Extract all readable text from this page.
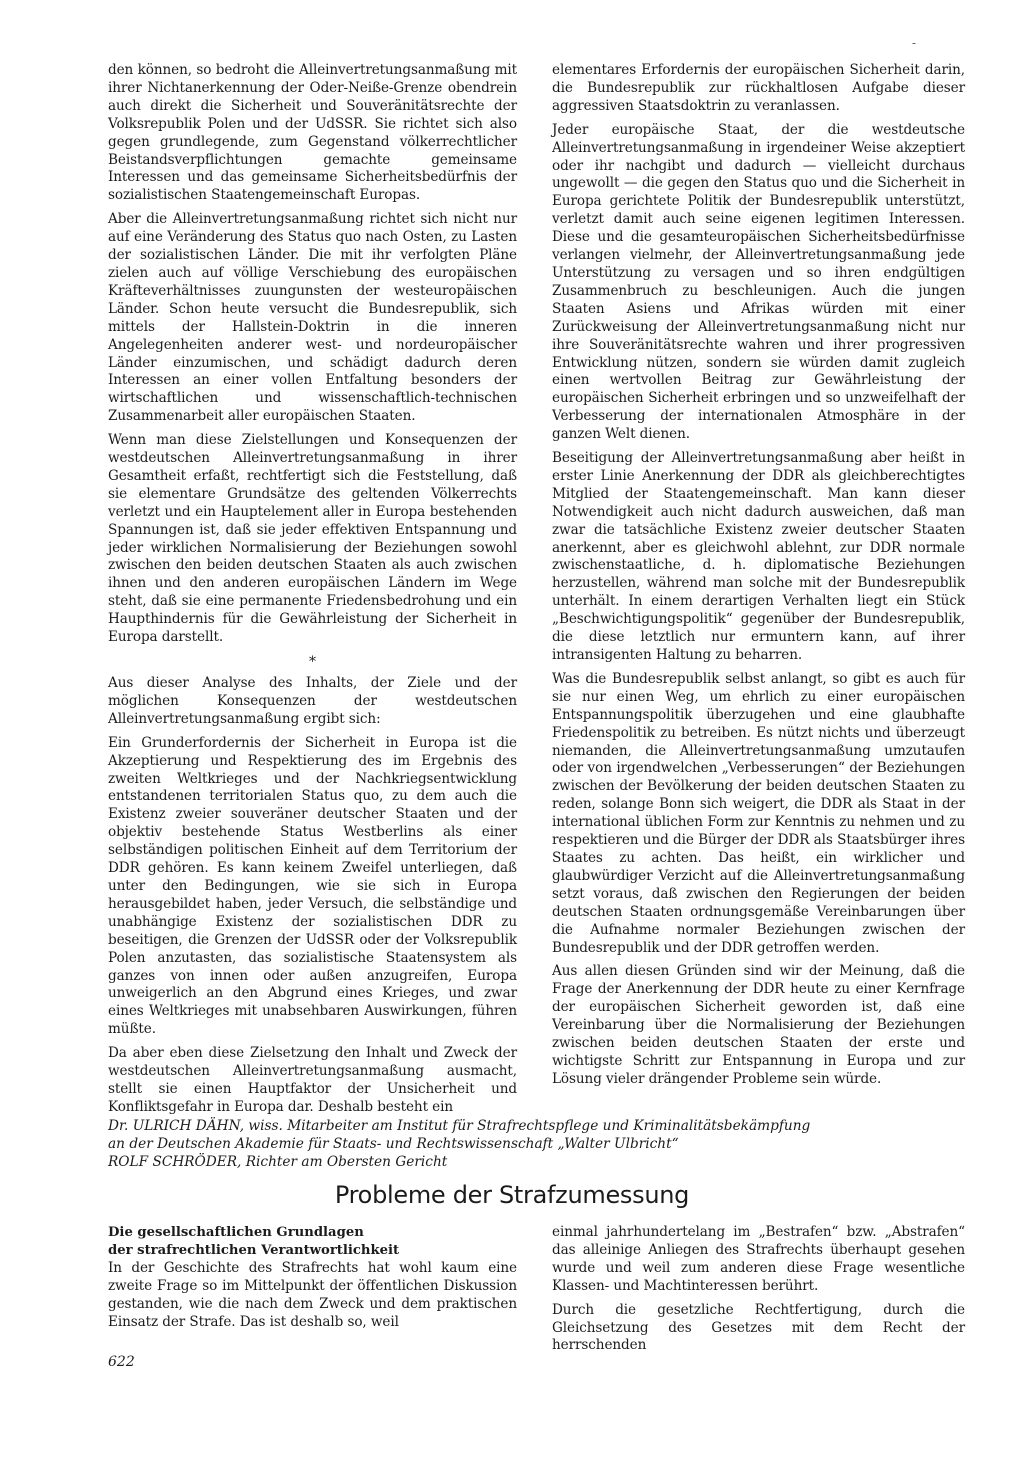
-

den können, so bedroht die Alleinvertretungsanmaßung mit ihrer Nichtanerkennung der Oder-Neiße-Grenze obendrein auch direkt die Sicherheit und Souveränitätsrechte der Volksrepublik Polen und der UdSSR. Sie richtet sich also gegen grundlegende, zum Gegenstand völkerrechtlicher Beistandsverpflichtungen gemachte gemeinsame Interessen und das gemeinsame Sicherheitsbedürfnis der sozialistischen Staatengemeinschaft Europas.

Aber die Alleinvertretungsanmaßung richtet sich nicht nur auf eine Veränderung des Status quo nach Osten, zu Lasten der sozialistischen Länder. Die mit ihr verfolgten Pläne zielen auch auf völlige Verschiebung des europäischen Kräfteverhältnisses zuungunsten der westeuropäischen Länder. Schon heute versucht die Bundesrepublik, sich mittels der Hallstein-Doktrin in die inneren Angelegenheiten anderer west- und nordeuropäischer Länder einzumischen, und schädigt dadurch deren Interessen an einer vollen Entfaltung besonders der wirtschaftlichen und wissenschaftlich-technischen Zusammenarbeit aller europäischen Staaten.

Wenn man diese Zielstellungen und Konsequenzen der westdeutschen Alleinvertretungsanmaßung in ihrer Gesamtheit erfaßt, rechtfertigt sich die Feststellung, daß sie elementare Grundsätze des geltenden Völkerrechts verletzt und ein Hauptelement aller in Europa bestehenden Spannungen ist, daß sie jeder effektiven Entspannung und jeder wirklichen Normalisierung der Beziehungen sowohl zwischen den beiden deutschen Staaten als auch zwischen ihnen und den anderen europäischen Ländern im Wege steht, daß sie eine permanente Friedensbedrohung und ein Haupthindernis für die Gewährleistung der Sicherheit in Europa darstellt.

*

Aus dieser Analyse des Inhalts, der Ziele und der möglichen Konsequenzen der westdeutschen Alleinvertretungsanmaßung ergibt sich:

Ein Grunderfordernis der Sicherheit in Europa ist die Akzeptierung und Respektierung des im Ergebnis des zweiten Weltkrieges und der Nachkriegsentwicklung entstandenen territorialen Status quo, zu dem auch die Existenz zweier souveräner deutscher Staaten und der objektiv bestehende Status Westberlins als einer selbständigen politischen Einheit auf dem Territorium der DDR gehören. Es kann keinem Zweifel unterliegen, daß unter den Bedingungen, wie sie sich in Europa herausgebildet haben, jeder Versuch, die selbständige und unabhängige Existenz der sozialistischen DDR zu beseitigen, die Grenzen der UdSSR oder der Volksrepublik Polen anzutasten, das sozialistische Staatensystem als ganzes von innen oder außen anzugreifen, Europa unweigerlich an den Abgrund eines Krieges, und zwar eines Weltkrieges mit unabsehbaren Auswirkungen, führen müßte.

Da aber eben diese Zielsetzung den Inhalt und Zweck der westdeutschen Alleinvertretungsanmaßung ausmacht, stellt sie einen Hauptfaktor der Unsicherheit und Konfliktsgefahr in Europa dar. Deshalb besteht ein

elementares Erfordernis der europäischen Sicherheit darin, die Bundesrepublik zur rückhaltlosen Aufgabe dieser aggressiven Staatsdoktrin zu veranlassen.

Jeder europäische Staat, der die westdeutsche Alleinvertretungsanmaßung in irgendeiner Weise akzeptiert oder ihr nachgibt und dadurch — vielleicht durchaus ungewollt — die gegen den Status quo und die Sicherheit in Europa gerichtete Politik der Bundesrepublik unterstützt, verletzt damit auch seine eigenen legitimen Interessen. Diese und die gesamteuropäischen Sicherheitsbedürfnisse verlangen vielmehr, der Alleinvertretungsanmaßung jede Unterstützung zu versagen und so ihren endgültigen Zusammenbruch zu beschleunigen. Auch die jungen Staaten Asiens und Afrikas würden mit einer Zurückweisung der Alleinvertretungsanmaßung nicht nur ihre Souveränitätsrechte wahren und ihrer progressiven Entwicklung nützen, sondern sie würden damit zugleich einen wertvollen Beitrag zur Gewährleistung der europäischen Sicherheit erbringen und so unzweifelhaft der Verbesserung der internationalen Atmosphäre in der ganzen Welt dienen.

Beseitigung der Alleinvertretungsanmaßung aber heißt in erster Linie Anerkennung der DDR als gleichberechtigtes Mitglied der Staatengemeinschaft. Man kann dieser Notwendigkeit auch nicht dadurch ausweichen, daß man zwar die tatsächliche Existenz zweier deutscher Staaten anerkennt, aber es gleichwohl ablehnt, zur DDR normale zwischenstaatliche, d. h. diplomatische Beziehungen herzustellen, während man solche mit der Bundesrepublik unterhält. In einem derartigen Verhalten liegt ein Stück „Beschwichtigungspolitik“ gegenüber der Bundesrepublik, die diese letztlich nur ermuntern kann, auf ihrer intransigenten Haltung zu beharren.

Was die Bundesrepublik selbst anlangt, so gibt es auch für sie nur einen Weg, um ehrlich zu einer europäischen Entspannungspolitik überzugehen und eine glaubhafte Friedenspolitik zu betreiben. Es nützt nichts und überzeugt niemanden, die Alleinvertretungsanmaßung umzutaufen oder von irgendwelchen „Verbesserungen“ der Beziehungen zwischen der Bevölkerung der beiden deutschen Staaten zu reden, solange Bonn sich weigert, die DDR als Staat in der international üblichen Form zur Kenntnis zu nehmen und zu respektieren und die Bürger der DDR als Staatsbürger ihres Staates zu achten. Das heißt, ein wirklicher und glaubwürdiger Verzicht auf die Alleinvertretungsanmaßung setzt voraus, daß zwischen den Regierungen der beiden deutschen Staaten ordnungsgemäße Vereinbarungen über die Aufnahme normaler Beziehungen zwischen der Bundesrepublik und der DDR getroffen werden.

Aus allen diesen Gründen sind wir der Meinung, daß die Frage der Anerkennung der DDR heute zu einer Kernfrage der europäischen Sicherheit geworden ist, daß eine Vereinbarung über die Normalisierung der Beziehungen zwischen beiden deutschen Staaten der erste und wichtigste Schritt zur Entspannung in Europa und zur Lösung vieler drängender Probleme sein würde.

Dr. ULRICH DÄHN, wiss. Mitarbeiter am Institut für Strafrechtspflege und Kriminalitätsbekämpfung
an der Deutschen Akademie für Staats- und Rechtswissenschaft „Walter Ulbricht“
ROLF SCHRÖDER, Richter am Obersten Gericht
Probleme der Strafzumessung
Die gesellschaftlichen Grundlagen
der strafrechtlichen Verantwortlichkeit

In der Geschichte des Strafrechts hat wohl kaum eine zweite Frage so im Mittelpunkt der öffentlichen Diskussion gestanden, wie die nach dem Zweck und dem praktischen Einsatz der Strafe. Das ist deshalb so, weil

einmal jahrhundertelang im „Bestrafen“ bzw. „Abstrafen“ das alleinige Anliegen des Strafrechts überhaupt gesehen wurde und weil zum anderen diese Frage wesentliche Klassen- und Machtinteressen berührt.

Durch die gesetzliche Rechtfertigung, durch die Gleichsetzung des Gesetzes mit dem Recht der herrschenden

622
